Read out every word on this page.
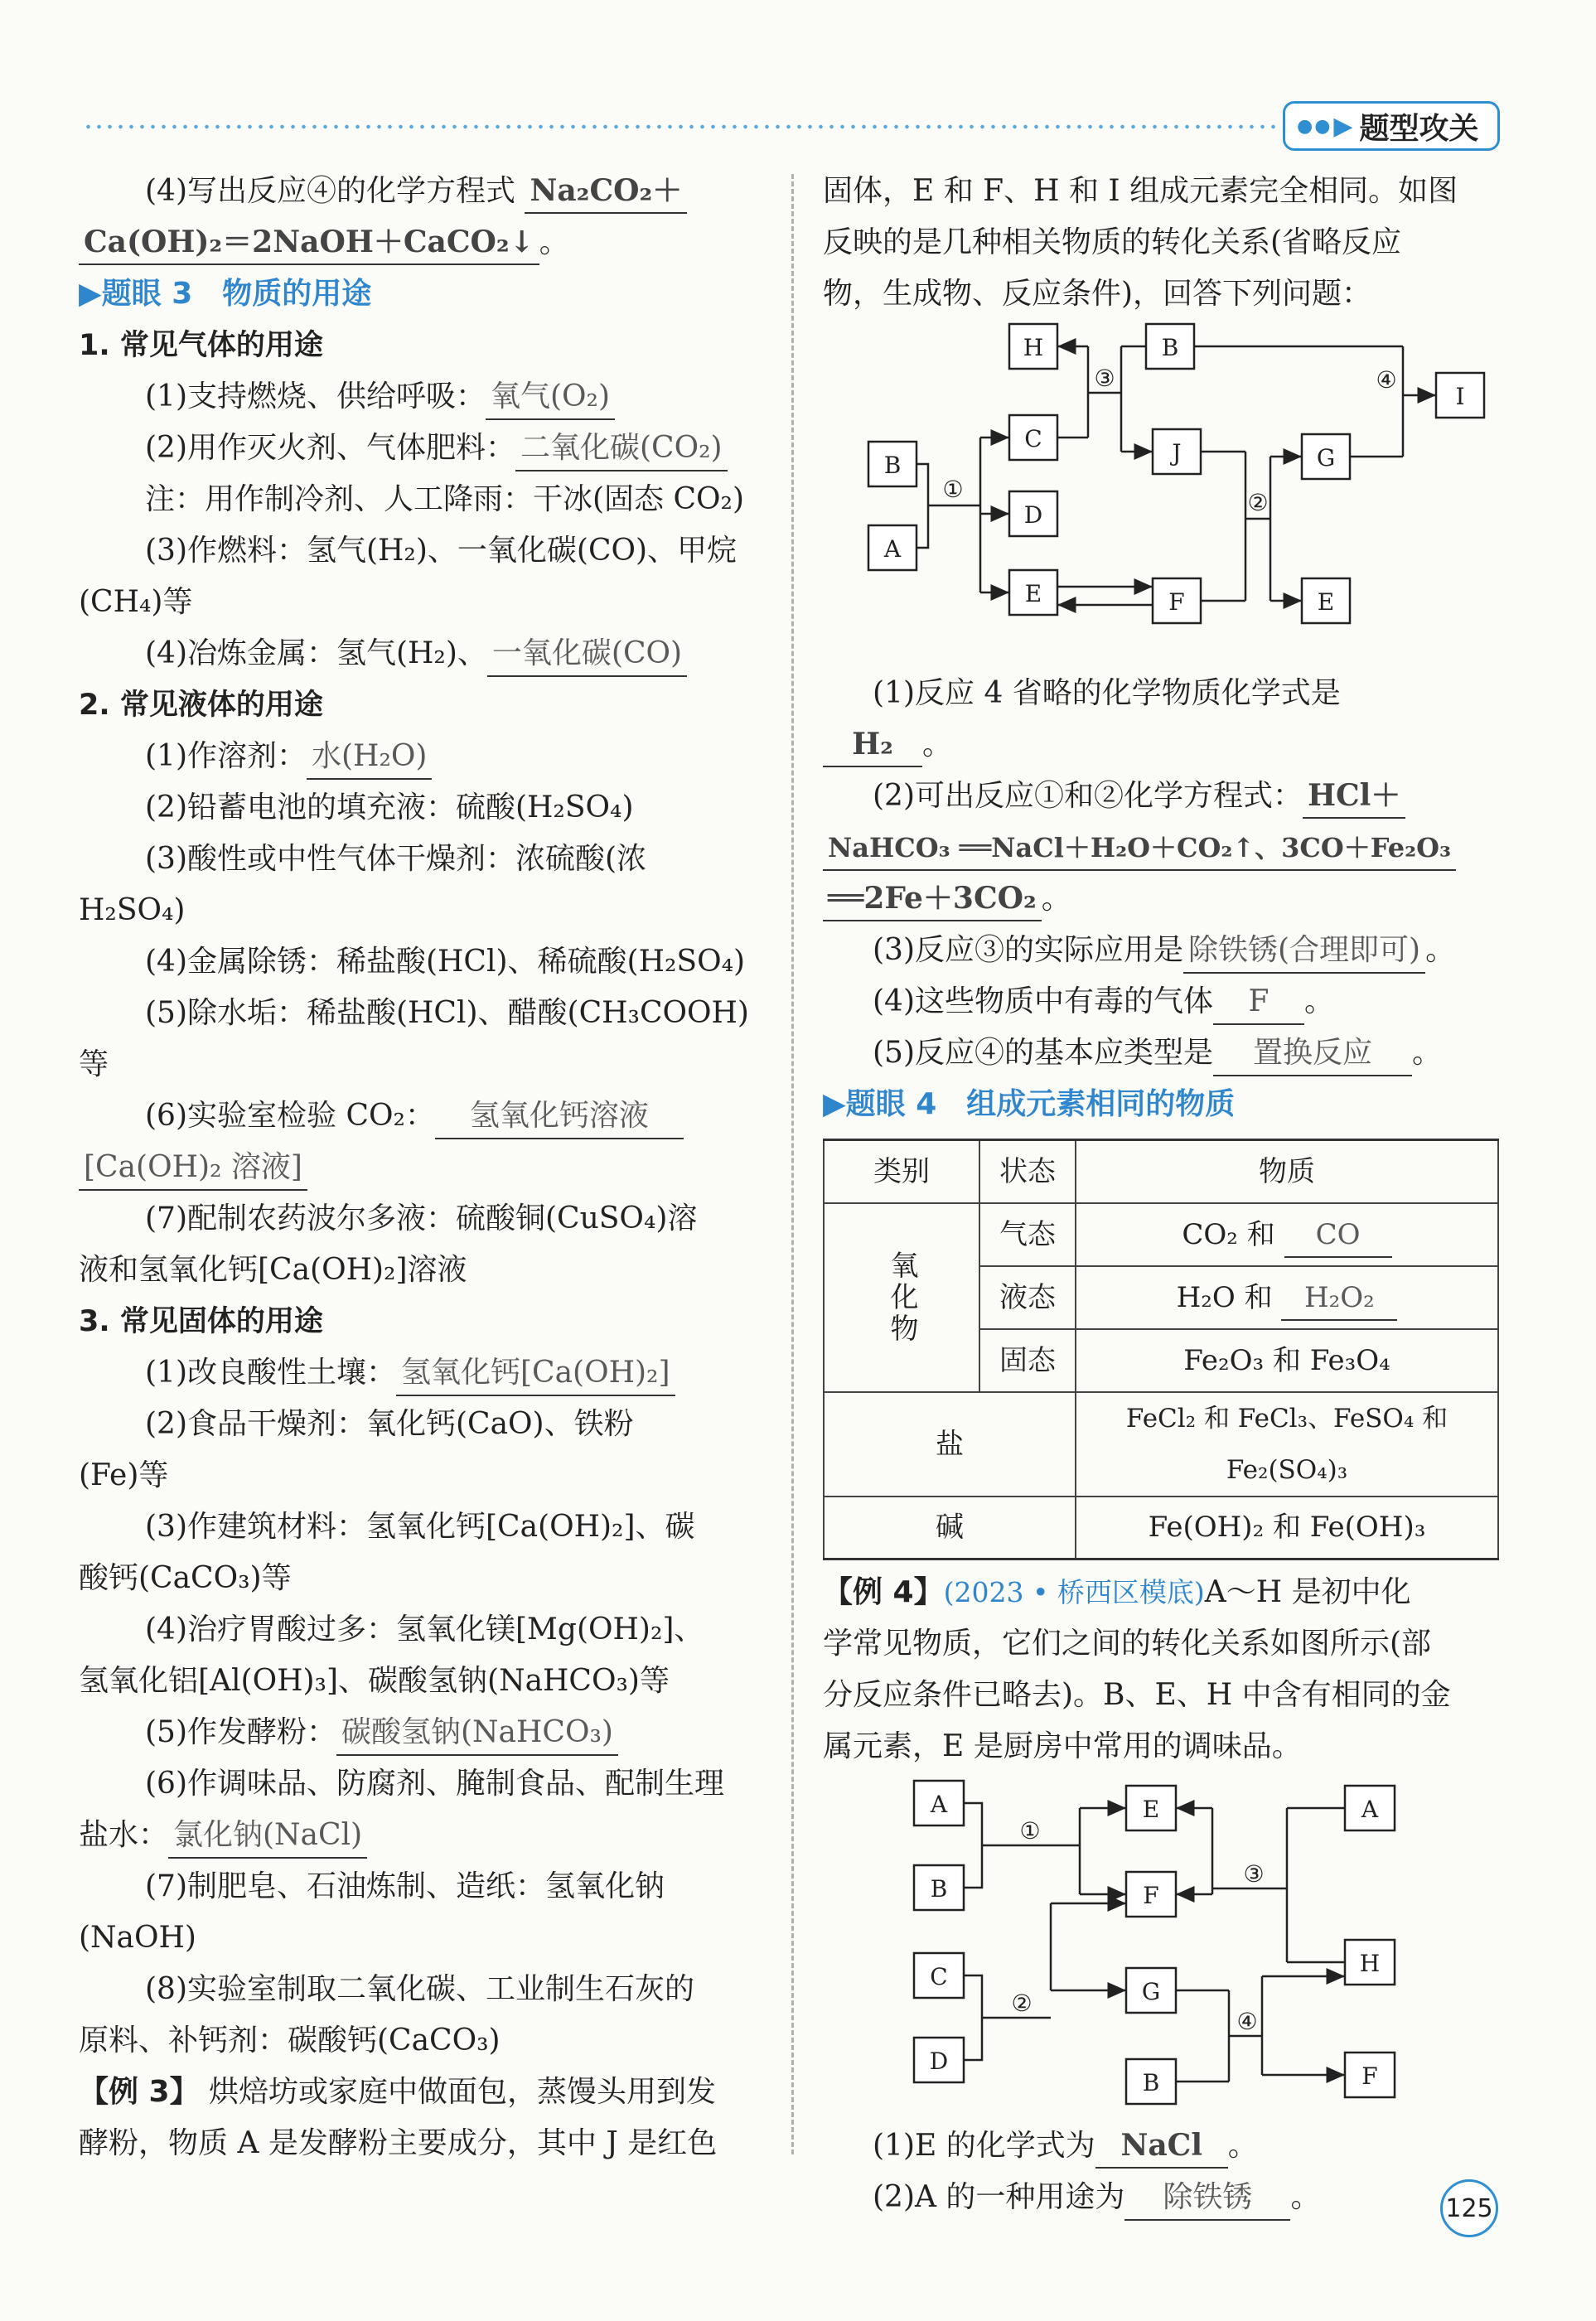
●● ▶ 题型攻关
(4)写出反应④的化学方程式 Na₂CO₂＋
Ca(OH)₂＝2NaOH＋CaCO₂↓ 。
▶题眼 3　物质的用途
1. 常见气体的用途
(1)支持燃烧、供给呼吸： 氧气(O₂)
(2)用作灭火剂、气体肥料： 二氧化碳(CO₂)
注：用作制冷剂、人工降雨：干冰(固态 CO₂)
(3)作燃料：氢气(H₂)、一氧化碳(CO)、甲烷
(CH₄)等
(4)冶炼金属：氢气(H₂)、 一氧化碳(CO)
2. 常见液体的用途
(1)作溶剂： 水(H₂O)
(2)铅蓄电池的填充液：硫酸(H₂SO₄)
(3)酸性或中性气体干燥剂：浓硫酸(浓
H₂SO₄)
(4)金属除锈：稀盐酸(HCl)、稀硫酸(H₂SO₄)
(5)除水垢：稀盐酸(HCl)、醋酸(CH₃COOH)
等
(6)实验室检验 CO₂： 氢氧化钙溶液
[Ca(OH)₂ 溶液]
(7)配制农药波尔多液：硫酸铜(CuSO₄)溶
液和氢氧化钙[Ca(OH)₂]溶液
3. 常见固体的用途
(1)改良酸性土壤： 氢氧化钙[Ca(OH)₂]
(2)食品干燥剂：氧化钙(CaO)、铁粉
(Fe)等
(3)作建筑材料：氢氧化钙[Ca(OH)₂]、碳
酸钙(CaCO₃)等
(4)治疗胃酸过多：氢氧化镁[Mg(OH)₂]、
氢氧化铝[Al(OH)₃]、碳酸氢钠(NaHCO₃)等
(5)作发酵粉： 碳酸氢钠(NaHCO₃)
(6)作调味品、防腐剂、腌制食品、配制生理
盐水： 氯化钠(NaCl)
(7)制肥皂、石油炼制、造纸：氢氧化钠
(NaOH)
(8)实验室制取二氧化碳、工业制生石灰的
原料、补钙剂：碳酸钙(CaCO₃)
【例 3】 烘焙坊或家庭中做面包，蒸馒头用到发
酵粉，物质 A 是发酵粉主要成分，其中 J 是红色
固体，E 和 F、H 和 I 组成元素完全相同。如图
反映的是几种相关物质的转化关系(省略反应
物，生成物、反应条件)，回答下列问题：
H	B
I
C
J	G
B
D
A
E	F	E
①	②
③	④
(1)反应 4 省略的化学物质化学式是
H₂ 。
(2)可出反应①和②化学方程式： HCl＋
NaHCO₃ ══NaCl＋H₂O＋CO₂↑、3CO＋Fe₂O₃
══2Fe＋3CO₂ 。
(3)反应③的实际应用是 除铁锈(合理即可) 。
(4)这些物质中有毒的气体 F 。
(5)反应④的基本应类型是 置换反应 。
▶题眼 4　组成元素相同的物质
类别	状态	物质
氧化物	气态	CO₂ 和 CO
	液态	H₂O 和 H₂O₂
	固态	Fe₂O₃ 和 Fe₃O₄
盐		FeCl₂ 和 FeCl₃、FeSO₄ 和 Fe₂(SO₄)₃
碱		Fe(OH)₂ 和 Fe(OH)₃
【例 4】(2023 • 桥西区模底)A～H 是初中化
学常见物质，它们之间的转化关系如图所示(部
分反应条件已略去)。B、E、H 中含有相同的金
属元素，E 是厨房中常用的调味品。
A
B
C
D
E
F
G
B
A
H
F
①
②
③
④
(1)E 的化学式为 NaCl 。
(2)A 的一种用途为 除铁锈 。	125
